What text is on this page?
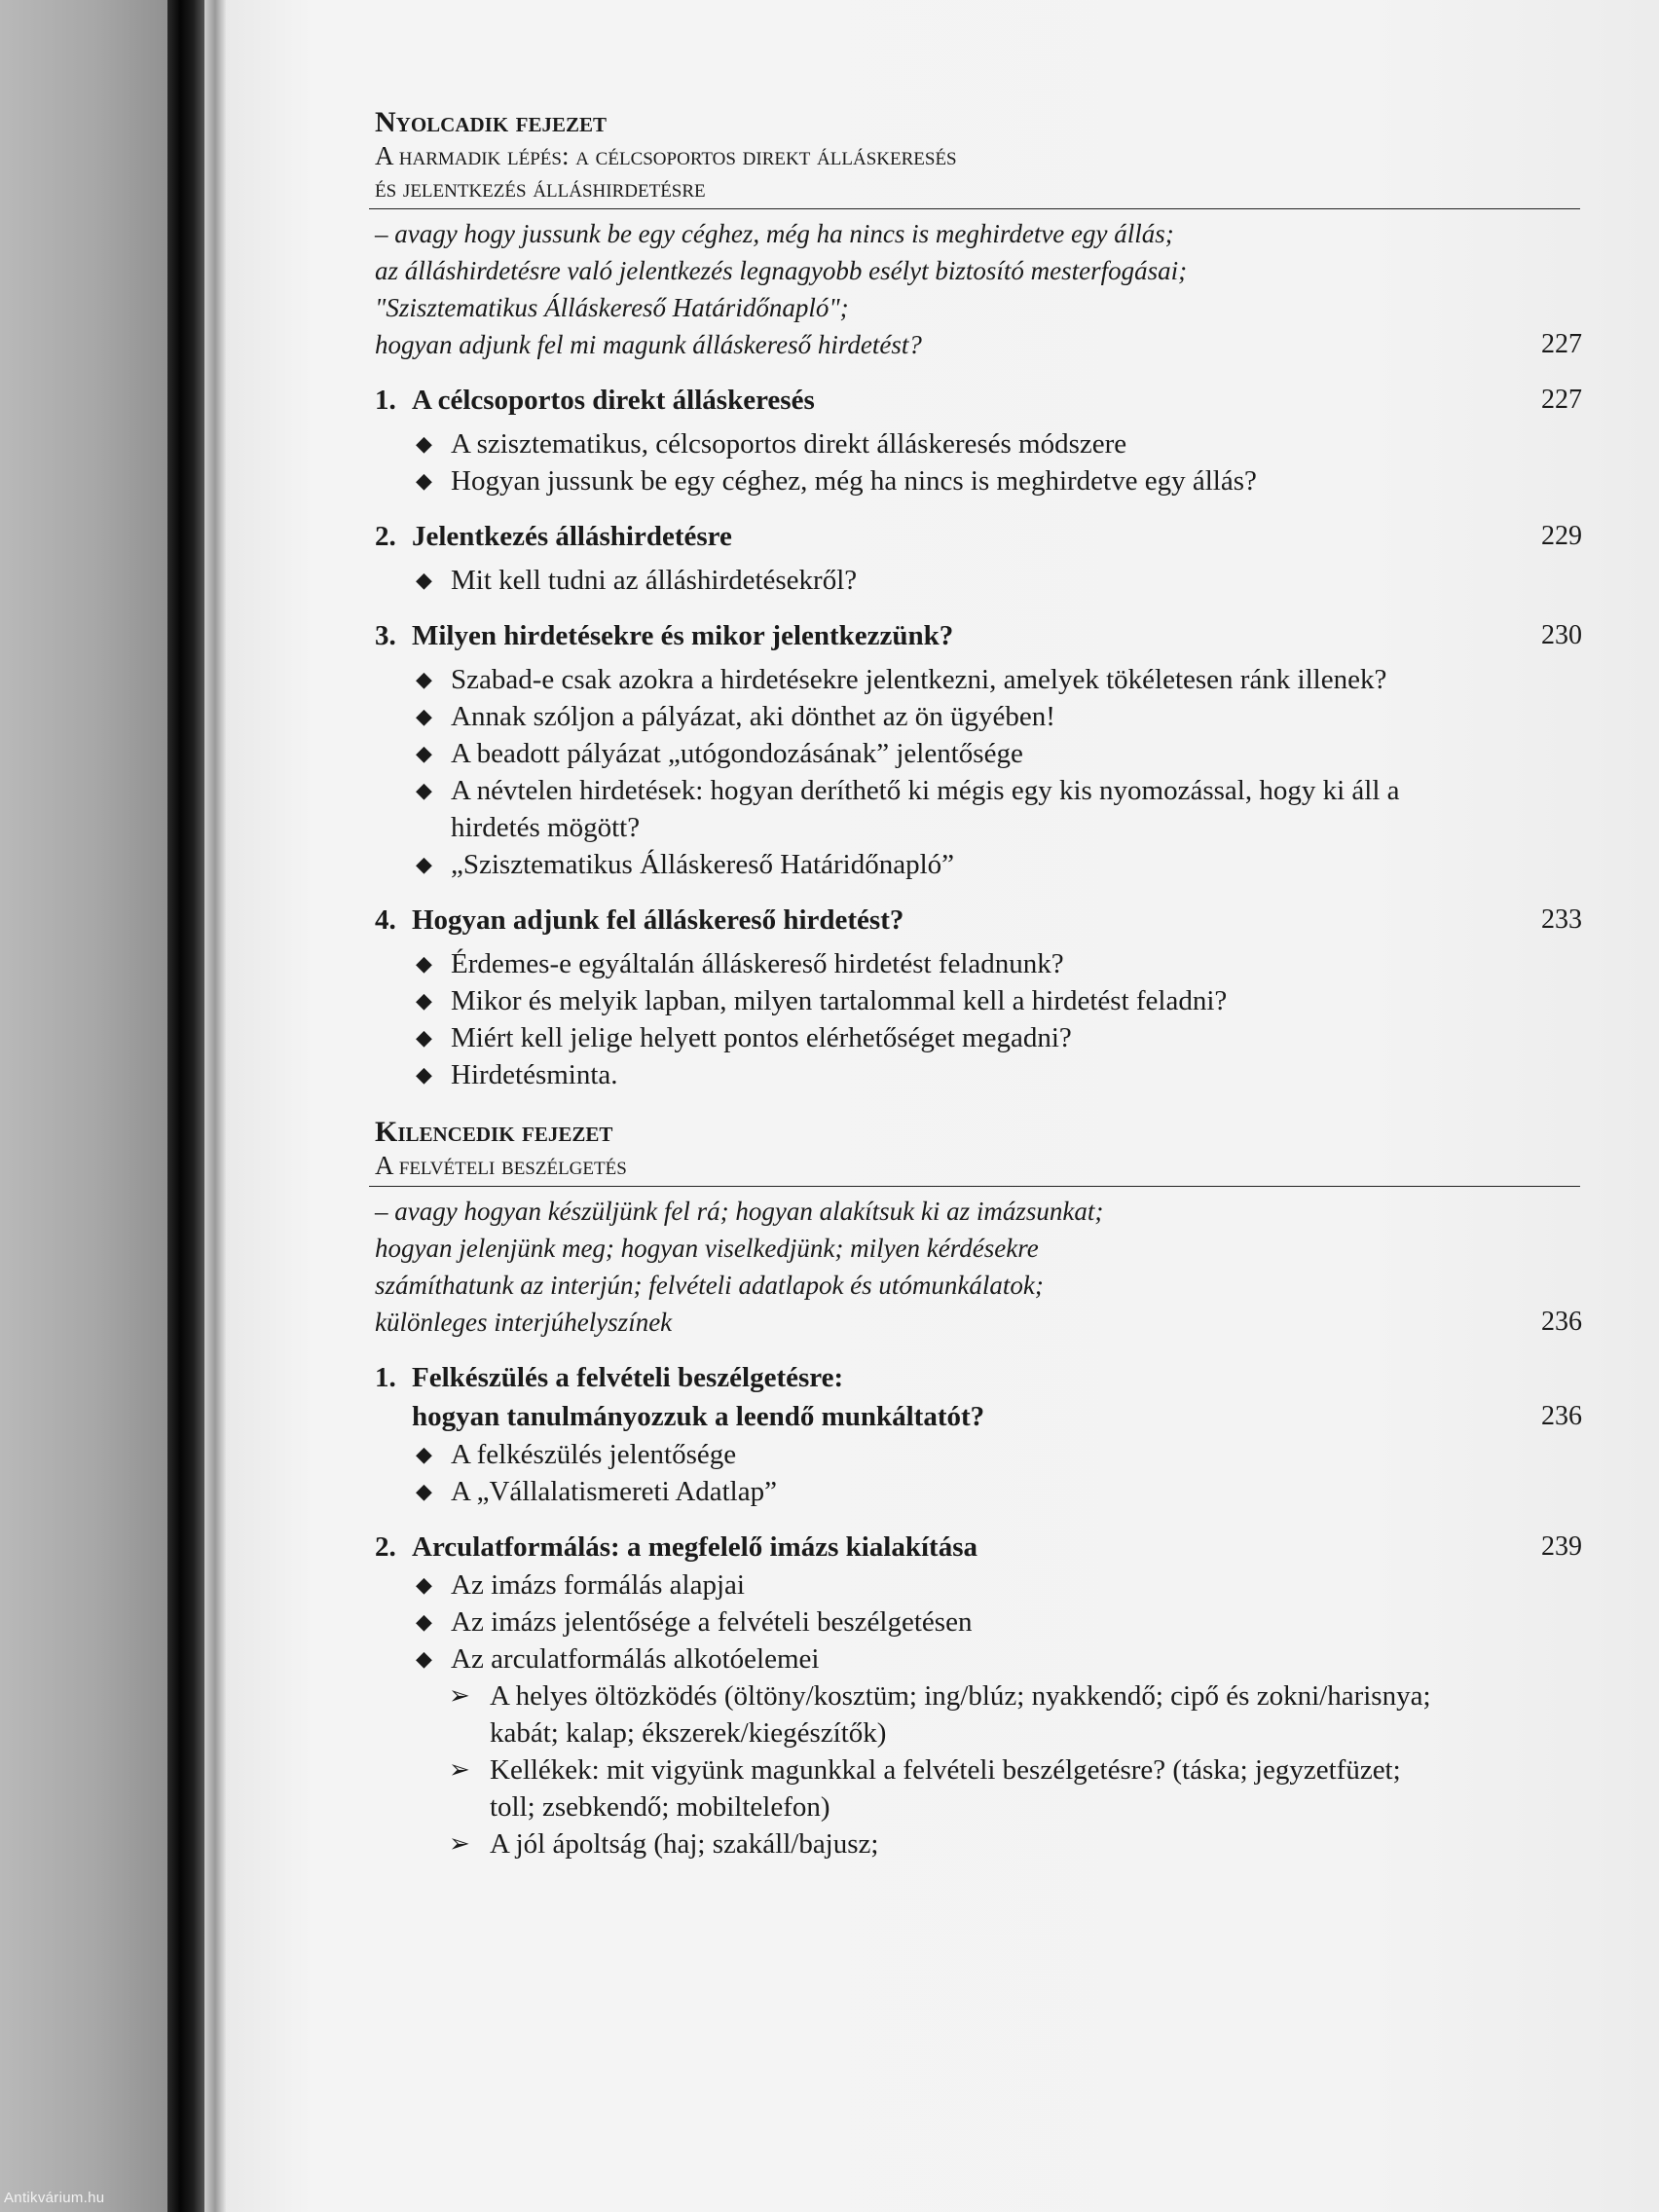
Nyolcadik fejezet
A harmadik lépés: a célcsoportos direkt álláskeresés
és jelentkezés álláshirdetésre
– avagy hogy jussunk be egy céghez, még ha nincs is meghirdetve egy állás;
az álláshirdetésre való jelentkezés legnagyobb esélyt biztosító mesterfogásai;
"Szisztematikus Álláskereső Határidőnapló";
hogyan adjunk fel mi magunk álláskereső hirdetést?	227
1. A célcsoportos direkt álláskeresés	227
◆ A szisztematikus, célcsoportos direkt álláskeresés módszere
◆ Hogyan jussunk be egy céghez, még ha nincs is meghirdetve egy állás?
2. Jelentkezés álláshirdetésre	229
◆ Mit kell tudni az álláshirdetésekről?
3. Milyen hirdetésekre és mikor jelentkezzünk?	230
◆ Szabad-e csak azokra a hirdetésekre jelentkezni, amelyek tökéletesen ránk illenek?
◆ Annak szóljon a pályázat, aki dönthet az ön ügyében!
◆ A beadott pályázat „utógondozásának” jelentősége
◆ A névtelen hirdetések: hogyan deríthető ki mégis egy kis nyomozással, hogy ki áll a hirdetés mögött?
◆ „Szisztematikus Álláskereső Határidőnapló”
4. Hogyan adjunk fel álláskereső hirdetést?	233
◆ Érdemes-e egyáltalán álláskereső hirdetést feladnunk?
◆ Mikor és melyik lapban, milyen tartalommal kell a hirdetést feladni?
◆ Miért kell jelige helyett pontos elérhetőséget megadni?
◆ Hirdetésminta.
Kilencedik fejezet
A felvételi beszélgetés
– avagy hogyan készüljünk fel rá; hogyan alakítsuk ki az imázsunkat;
hogyan jelenjünk meg; hogyan viselkedjünk; milyen kérdésekre
számíthatunk az interjún; felvételi adatlapok és utómunkálatok;
különleges interjúhelyszínek	236
1. Felkészülés a felvételi beszélgetésre:
hogyan tanulmányozzuk a leendő munkáltatót?	236
◆ A felkészülés jelentősége
◆ A „Vállalatismereti Adatlap”
2. Arculatformálás: a megfelelő imázs kialakítása	239
◆ Az imázs formálás alapjai
◆ Az imázs jelentősége a felvételi beszélgetésen
◆ Az arculatformálás alkotóelemei
➢ A helyes öltözködés (öltöny/kosztüm; ing/blúz; nyakkendő; cipő és zokni/harisnya; kabát; kalap; ékszerek/kiegészítők)
➢ Kellékek: mit vigyünk magunkkal a felvételi beszélgetésre? (táska; jegyzetfüzet; toll; zsebkendő; mobiltelefon)
➢ A jól ápoltság (haj; szakáll/bajusz;
Antikvárium.hu
